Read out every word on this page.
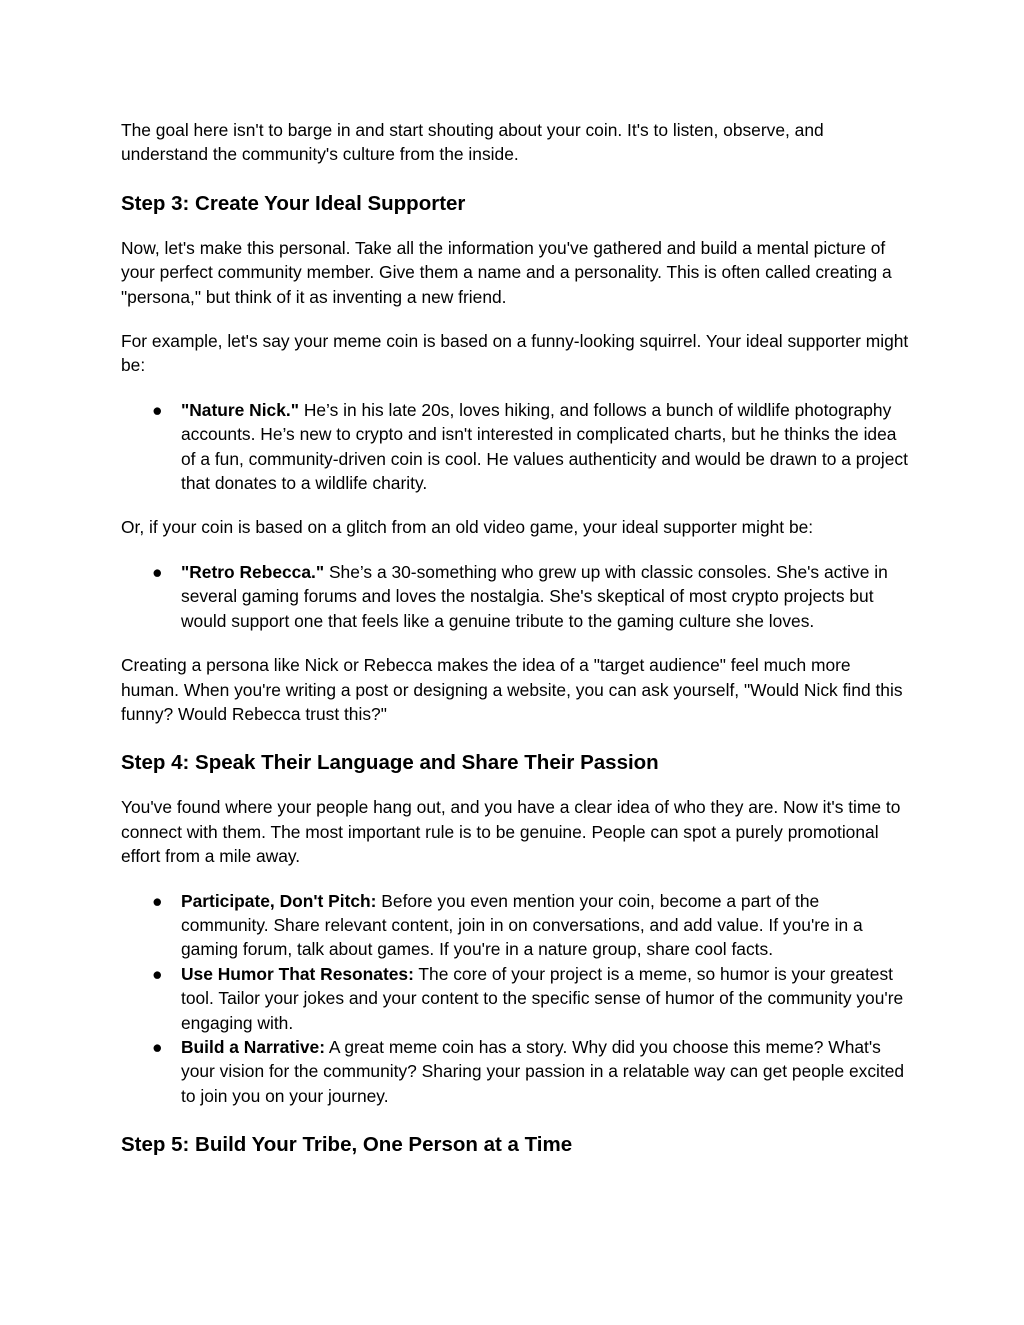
The goal here isn't to barge in and start shouting about your coin. It's to listen, observe, and understand the community's culture from the inside.

Step 3: Create Your Ideal Supporter

Now, let's make this personal. Take all the information you've gathered and build a mental picture of your perfect community member. Give them a name and a personality. This is often called creating a "persona," but think of it as inventing a new friend.

For example, let's say your meme coin is based on a funny-looking squirrel. Your ideal supporter might be:

● "Nature Nick." He’s in his late 20s, loves hiking, and follows a bunch of wildlife photography accounts. He’s new to crypto and isn't interested in complicated charts, but he thinks the idea of a fun, community-driven coin is cool. He values authenticity and would be drawn to a project that donates to a wildlife charity.

Or, if your coin is based on a glitch from an old video game, your ideal supporter might be:

● "Retro Rebecca." She’s a 30-something who grew up with classic consoles. She's active in several gaming forums and loves the nostalgia. She's skeptical of most crypto projects but would support one that feels like a genuine tribute to the gaming culture she loves.

Creating a persona like Nick or Rebecca makes the idea of a "target audience" feel much more human. When you're writing a post or designing a website, you can ask yourself, "Would Nick find this funny? Would Rebecca trust this?"

Step 4: Speak Their Language and Share Their Passion

You've found where your people hang out, and you have a clear idea of who they are. Now it's time to connect with them. The most important rule is to be genuine. People can spot a purely promotional effort from a mile away.

● Participate, Don't Pitch: Before you even mention your coin, become a part of the community. Share relevant content, join in on conversations, and add value. If you're in a gaming forum, talk about games. If you're in a nature group, share cool facts.
● Use Humor That Resonates: The core of your project is a meme, so humor is your greatest tool. Tailor your jokes and your content to the specific sense of humor of the community you're engaging with.
● Build a Narrative: A great meme coin has a story. Why did you choose this meme? What's your vision for the community? Sharing your passion in a relatable way can get people excited to join you on your journey.
Step 5: Build Your Tribe, One Person at a Time
